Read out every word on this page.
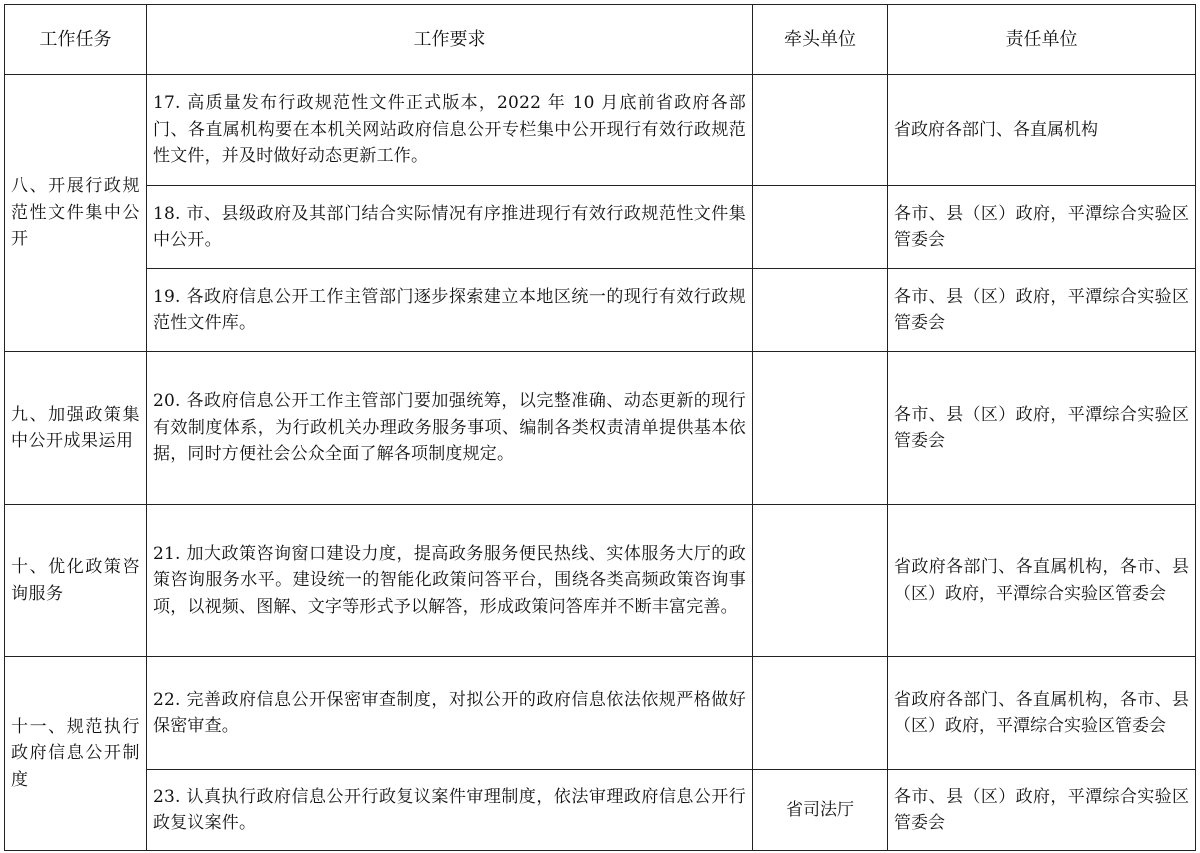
工作任务	工作要求	牵头单位	责任单位
八、开展行政规范性文件集中公开	17. 高质量发布行政规范性文件正式版本，2022 年 10 月底前省政府各部门、各直属机构要在本机关网站政府信息公开专栏集中公开现行有效行政规范性文件，并及时做好动态更新工作。		省政府各部门、各直属机构
	18. 市、县级政府及其部门结合实际情况有序推进现行有效行政规范性文件集中公开。		各市、县（区）政府，平潭综合实验区管委会
	19. 各政府信息公开工作主管部门逐步探索建立本地区统一的现行有效行政规范性文件库。		各市、县（区）政府，平潭综合实验区管委会
九、加强政策集中公开成果运用	20. 各政府信息公开工作主管部门要加强统筹，以完整准确、动态更新的现行有效制度体系，为行政机关办理政务服务事项、编制各类权责清单提供基本依据，同时方便社会公众全面了解各项制度规定。		各市、县（区）政府，平潭综合实验区管委会
十、优化政策咨询服务	21. 加大政策咨询窗口建设力度，提高政务服务便民热线、实体服务大厅的政策咨询服务水平。建设统一的智能化政策问答平台，围绕各类高频政策咨询事项，以视频、图解、文字等形式予以解答，形成政策问答库并不断丰富完善。		省政府各部门、各直属机构，各市、县（区）政府，平潭综合实验区管委会
十一、规范执行政府信息公开制度	22. 完善政府信息公开保密审查制度，对拟公开的政府信息依法依规严格做好保密审查。		省政府各部门、各直属机构，各市、县（区）政府，平潭综合实验区管委会
	23. 认真执行政府信息公开行政复议案件审理制度，依法审理政府信息公开行政复议案件。	省司法厅	各市、县（区）政府，平潭综合实验区管委会
